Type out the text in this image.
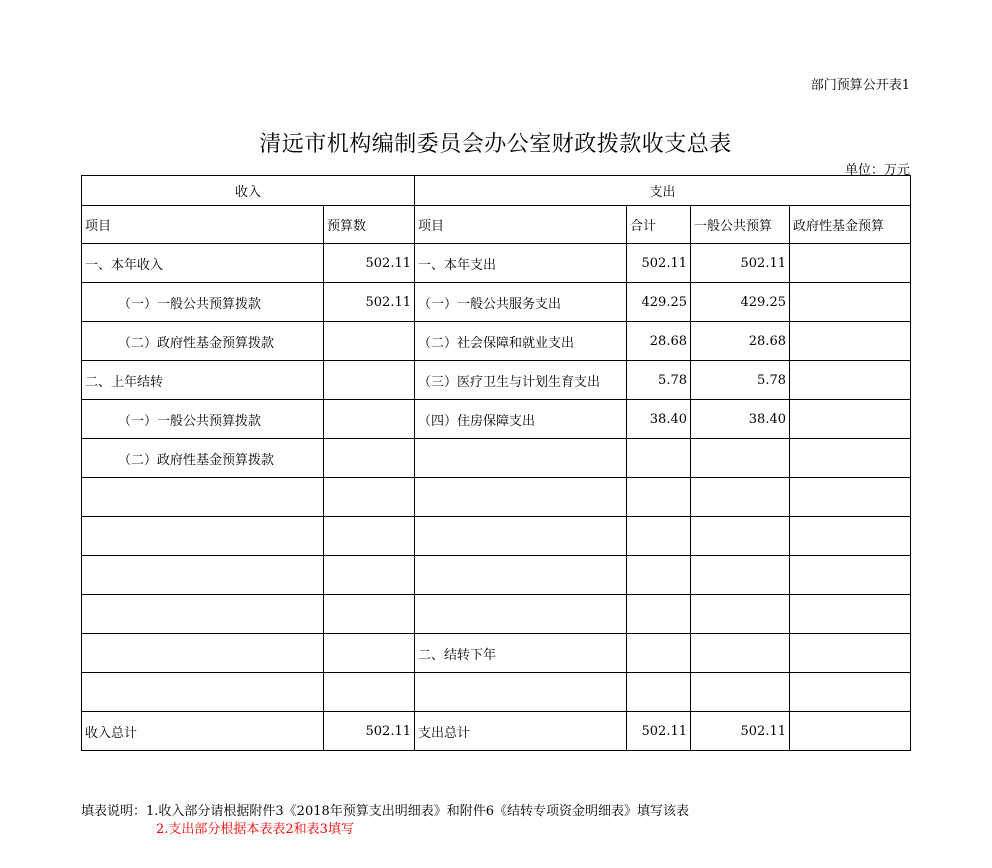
部门预算公开表1
清远市机构编制委员会办公室财政拨款收支总表
单位：万元
收入		支出			
项目	预算数	项目	合计	一般公共预算	政府性基金预算
一、本年收入	502.11	一、本年支出	502.11	502.11	
（一）一般公共预算拨款	502.11	（一）一般公共服务支出	429.25	429.25	
（二）政府性基金预算拨款		（二）社会保障和就业支出	28.68	28.68	
二、上年结转		（三）医疗卫生与计划生育支出	5.78	5.78	
（一）一般公共预算拨款		（四）住房保障支出	38.40	38.40	
（二）政府性基金预算拨款					

		二、结转下年			

收入总计	502.11	支出总计	502.11	502.11	
填表说明：1.收入部分请根据附件3《2018年预算支出明细表》和附件6《结转专项资金明细表》填写该表
2.支出部分根据本表表2和表3填写
